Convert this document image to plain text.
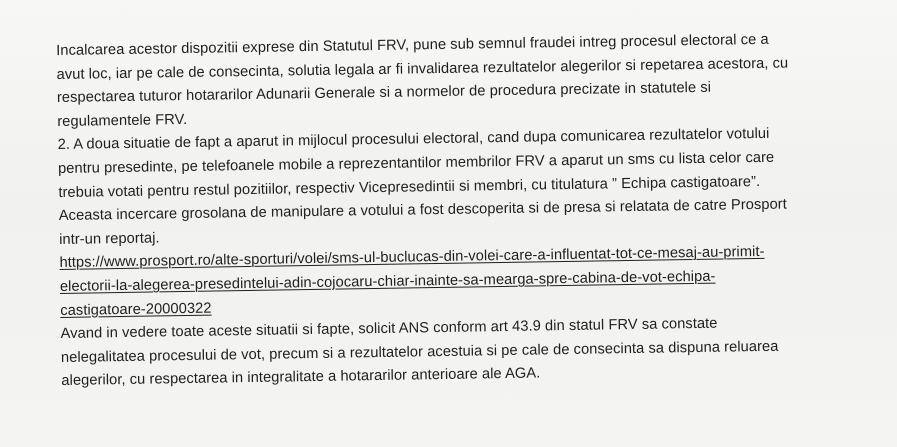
Incalcarea acestor dispozitii exprese din Statutul FRV, pune sub semnul fraudei intreg procesul electoral ce a
avut loc, iar pe cale de consecinta, solutia legala ar fi invalidarea rezultatelor alegerilor si repetarea acestora, cu
respectarea tuturor hotararilor Adunarii Generale si a normelor de procedura precizate in statutele si
regulamentele FRV.
2. A doua situatie de fapt a aparut in mijlocul procesului electoral, cand dupa comunicarea rezultatelor votului
pentru presedinte, pe telefoanele mobile a reprezentantilor membrilor FRV a aparut un sms cu lista celor care
trebuia votati pentru restul pozitiilor, respectiv Vicepresedintii si membri, cu titulatura ” Echipa castigatoare”.
Aceasta incercare grosolana de manipulare a votului a fost descoperita si de presa si relatata de catre Prosport
intr-un reportaj.
https://www.prosport.ro/alte-sporturi/volei/sms-ul-buclucas-din-volei-care-a-influentat-tot-ce-mesaj-au-primit-
electorii-la-alegerea-presedintelui-adin-cojocaru-chiar-inainte-sa-mearga-spre-cabina-de-vot-echipa-
castigatoare-20000322
Avand in vedere toate aceste situatii si fapte, solicit ANS conform art 43.9 din statul FRV sa constate
nelegalitatea procesului de vot, precum si a rezultatelor acestuia si pe cale de consecinta sa dispuna reluarea
alegerilor, cu respectarea in integralitate a hotararilor anterioare ale AGA.
